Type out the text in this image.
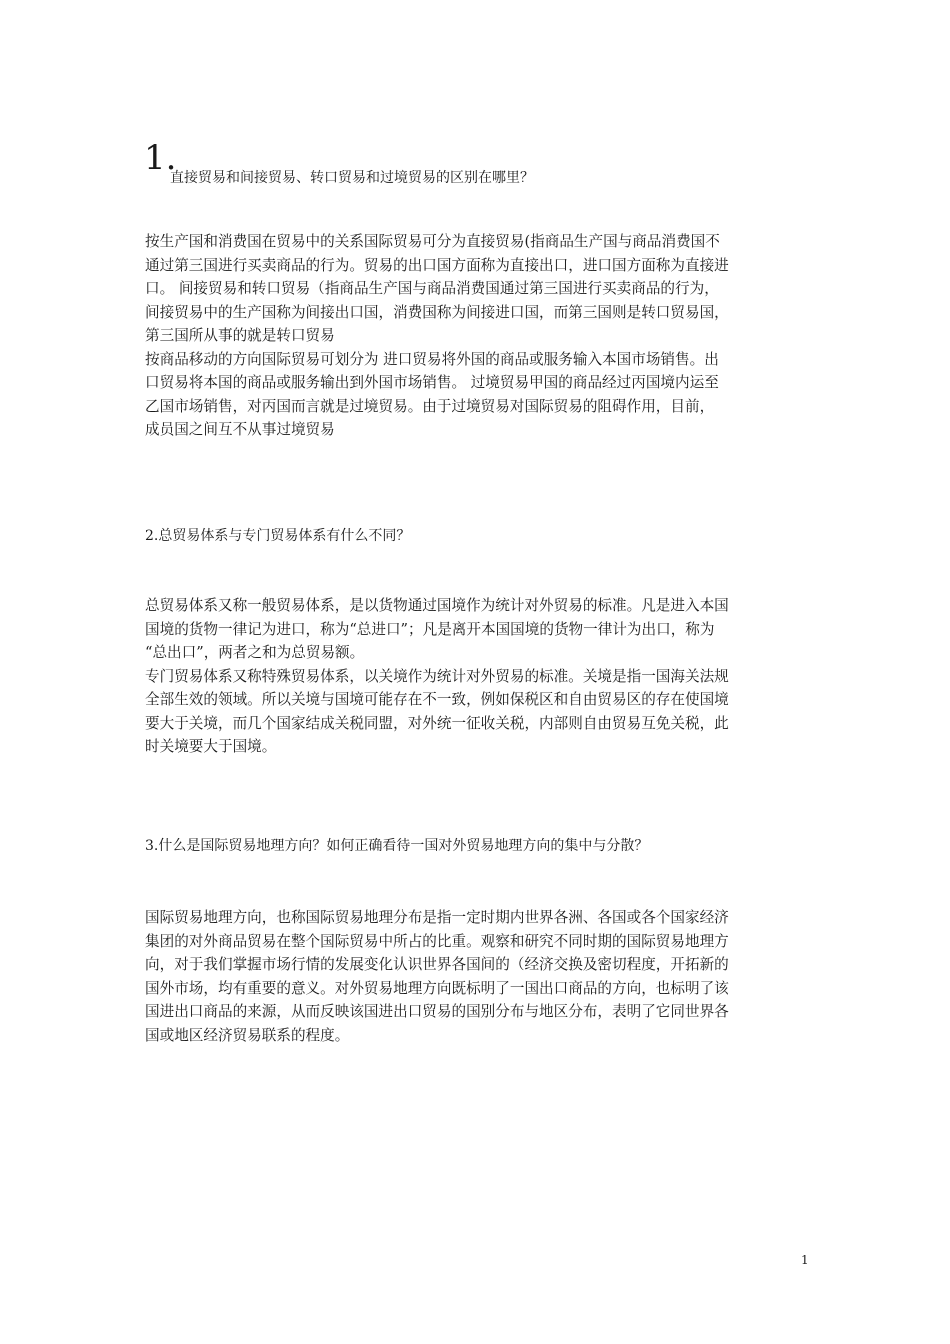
1.
直接贸易和间接贸易、转口贸易和过境贸易的区别在哪里？
按生产国和消费国在贸易中的关系国际贸易可分为直接贸易(指商品生产国与商品消费国不
通过第三国进行买卖商品的行为。贸易的出口国方面称为直接出口，进口国方面称为直接进
口。 间接贸易和转口贸易（指商品生产国与商品消费国通过第三国进行买卖商品的行为，
间接贸易中的生产国称为间接出口国，消费国称为间接进口国，而第三国则是转口贸易国，
第三国所从事的就是转口贸易
按商品移动的方向国际贸易可划分为 进口贸易将外国的商品或服务输入本国市场销售。出
口贸易将本国的商品或服务输出到外国市场销售。 过境贸易甲国的商品经过丙国境内运至
乙国市场销售，对丙国而言就是过境贸易。由于过境贸易对国际贸易的阻碍作用，目前，
成员国之间互不从事过境贸易
2.总贸易体系与专门贸易体系有什么不同？
总贸易体系又称一般贸易体系，是以货物通过国境作为统计对外贸易的标准。凡是进入本国
国境的货物一律记为进口，称为“总进口”；凡是离开本国国境的货物一律计为出口，称为
“总出口”，两者之和为总贸易额。
专门贸易体系又称特殊贸易体系，以关境作为统计对外贸易的标准。关境是指一国海关法规
全部生效的领域。所以关境与国境可能存在不一致，例如保税区和自由贸易区的存在使国境
要大于关境，而几个国家结成关税同盟，对外统一征收关税，内部则自由贸易互免关税，此
时关境要大于国境。
3.什么是国际贸易地理方向？如何正确看待一国对外贸易地理方向的集中与分散？
国际贸易地理方向，也称国际贸易地理分布是指一定时期内世界各洲、各国或各个国家经济
集团的对外商品贸易在整个国际贸易中所占的比重。观察和研究不同时期的国际贸易地理方
向，对于我们掌握市场行情的发展变化认识世界各国间的（经济交换及密切程度，开拓新的
国外市场，均有重要的意义。对外贸易地理方向既标明了一国出口商品的方向，也标明了该
国进出口商品的来源，从而反映该国进出口贸易的国别分布与地区分布，表明了它同世界各
国或地区经济贸易联系的程度。
1
